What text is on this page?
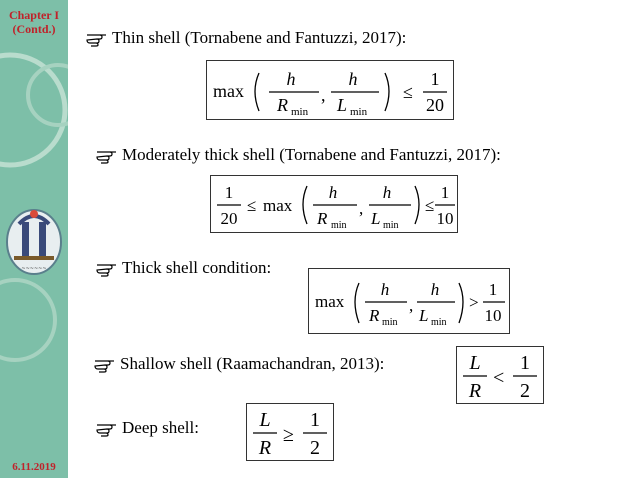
Chapter I
(Contd.)
~~~~~~
6.11.2019
Thin shell (Tornabene and Fantuzzi, 2017):
max
h
R min
,
h
L min
≤
1
20
Moderately thick shell (Tornabene and Fantuzzi, 2017):
1
20
≤ max
h
R min
,
h
L min
≤
1
10
Thick shell condition:
max
h
R min
,
h
L min
>
1
10
Shallow shell (Raamachandran, 2013):	L
R
<
1
2
Deep shell:	L
R
≥
1
2
